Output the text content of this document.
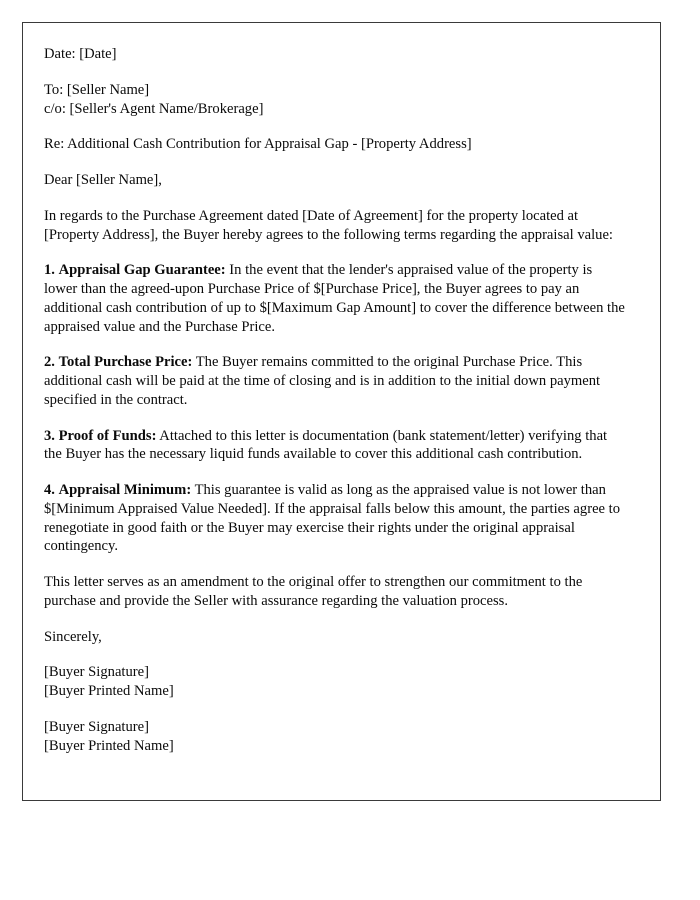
Date: [Date]
To: [Seller Name]
c/o: [Seller's Agent Name/Brokerage]
Re: Additional Cash Contribution for Appraisal Gap - [Property Address]

Dear [Seller Name],

In regards to the Purchase Agreement dated [Date of Agreement] for the property located at [Property Address], the Buyer hereby agrees to the following terms regarding the appraisal value:

1. Appraisal Gap Guarantee: In the event that the lender's appraised value of the property is lower than the agreed-upon Purchase Price of $[Purchase Price], the Buyer agrees to pay an additional cash contribution of up to $[Maximum Gap Amount] to cover the difference between the appraised value and the Purchase Price.

2. Total Purchase Price: The Buyer remains committed to the original Purchase Price. This additional cash will be paid at the time of closing and is in addition to the initial down payment specified in the contract.

3. Proof of Funds: Attached to this letter is documentation (bank statement/letter) verifying that the Buyer has the necessary liquid funds available to cover this additional cash contribution.

4. Appraisal Minimum: This guarantee is valid as long as the appraised value is not lower than $[Minimum Appraised Value Needed]. If the appraisal falls below this amount, the parties agree to renegotiate in good faith or the Buyer may exercise their rights under the original appraisal contingency.

This letter serves as an amendment to the original offer to strengthen our commitment to the purchase and provide the Seller with assurance regarding the valuation process.

Sincerely,
[Buyer Signature]
[Buyer Printed Name]
[Buyer Signature]
[Buyer Printed Name]
